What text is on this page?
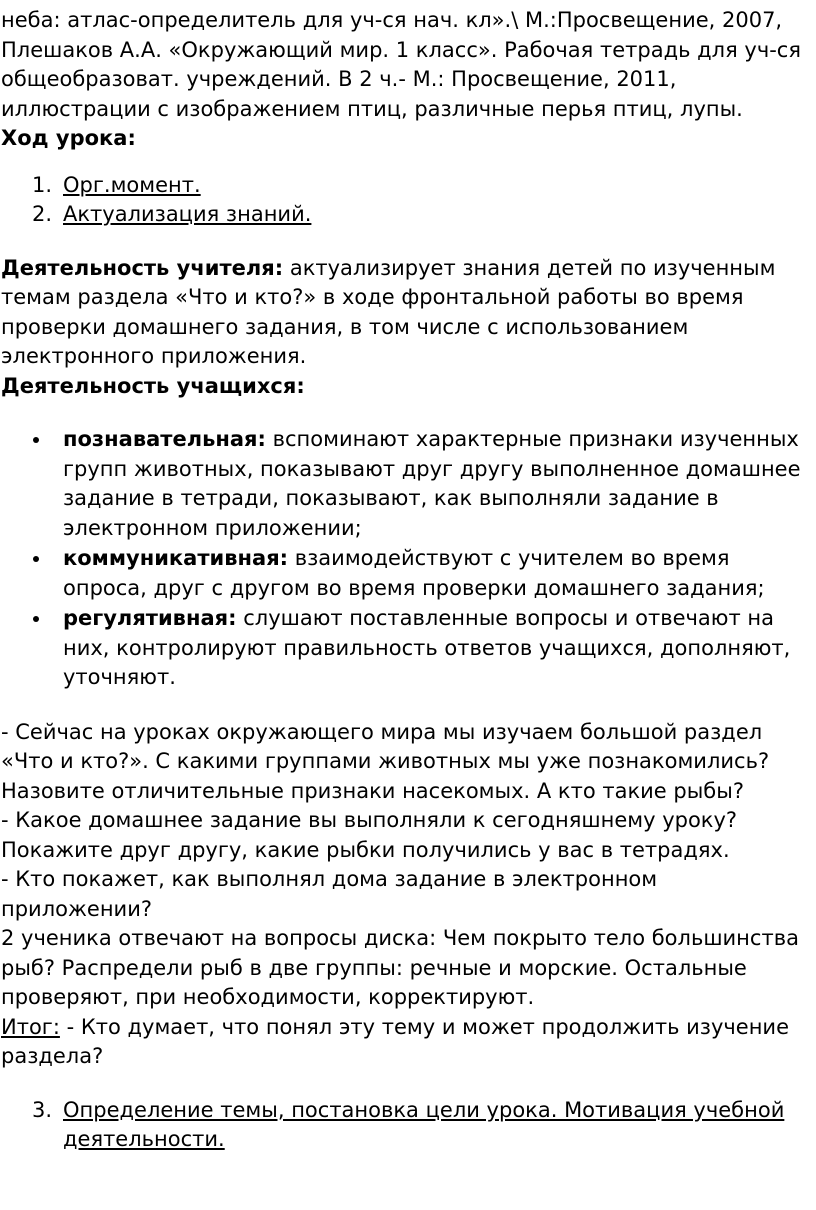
неба: атлас-определитель для уч-ся нач. кл».\ М.:Просвещение, 2007, Плешаков А.А. «Окружающий мир. 1 класс». Рабочая тетрадь для уч-ся общеобразоват. учреждений. В 2 ч.- М.: Просвещение, 2011, иллюстрации с изображением птиц, различные перья птиц, лупы.

Ход урока:

1. Орг.момент.
2. Актуализация знаний.

Деятельность учителя: актуализирует знания детей по изученным темам раздела «Что и кто?» в ходе фронтальной работы во время проверки домашнего задания, в том числе с использованием электронного приложения.

Деятельность учащихся:

познавательная: вспоминают характерные признаки изученных групп животных, показывают друг другу выполненное домашнее задание в тетради, показывают, как выполняли задание в электронном приложении;
коммуникативная: взаимодействуют с учителем во время опроса, друг с другом во время проверки домашнего задания;
регулятивная: слушают поставленные вопросы и отвечают на них, контролируют правильность ответов учащихся, дополняют, уточняют.

- Сейчас на уроках окружающего мира мы изучаем большой раздел «Что и кто?». С какими группами животных мы уже познакомились? Назовите отличительные признаки насекомых. А кто такие рыбы?

- Какое домашнее задание вы выполняли к сегодняшнему уроку? Покажите друг другу, какие рыбки получились у вас в тетрадях.

- Кто покажет, как выполнял дома задание в электронном приложении?

2 ученика отвечают на вопросы диска: Чем покрыто тело большинства рыб? Распредели рыб в две группы: речные и морские. Остальные проверяют, при необходимости, корректируют.

Итог: - Кто думает, что понял эту тему и может продолжить изучение раздела?

3. Определение темы, постановка цели урока. Мотивация учебной деятельности.
